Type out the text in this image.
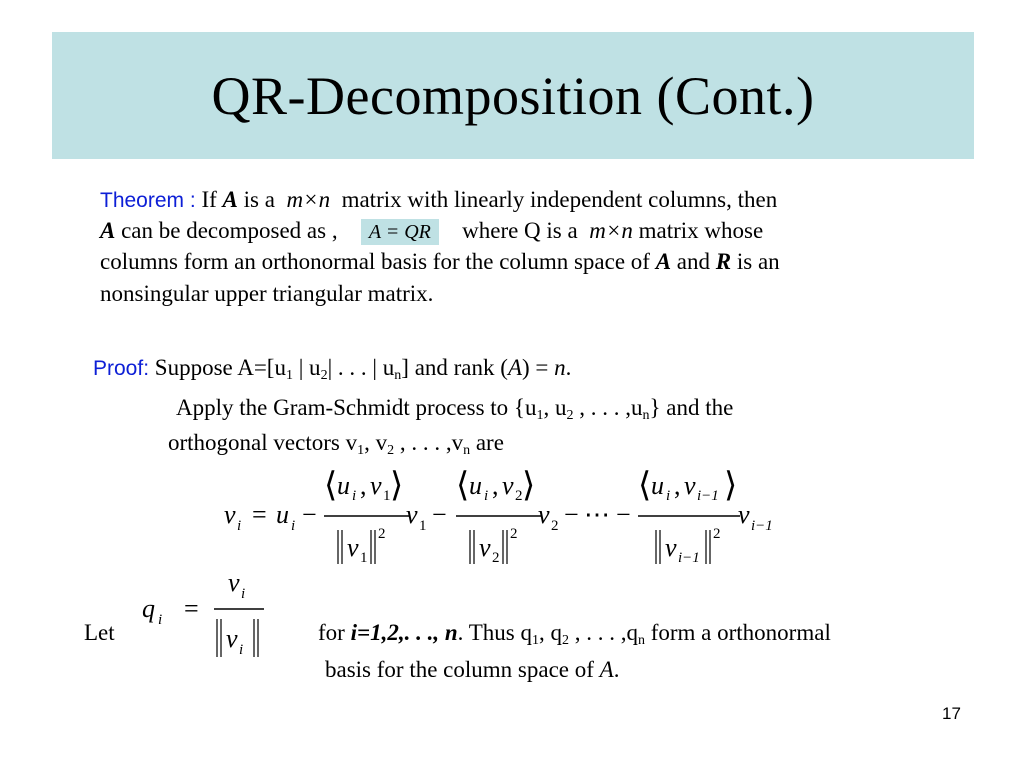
QR-Decomposition (Cont.)
Theorem : If A is a m×n matrix with linearly independent columns, then
A can be decomposed as , A = QR where Q is a m×n matrix whose
columns form an orthonormal basis for the column space of A and R is an
nonsingular upper triangular matrix.
Proof: Suppose $A=[u_1$ | $u_2|$ . . . | $u_n$] and rank (A) = n.
Apply the Gram-Schmidt process to {$u_1$, $u_2$ , . . . $,u_n$} and the
orthogonal vectors $v_1$, $v_2$ , . . . $,v_n$ are
v i = u i −
⟨ u i , v 1 ⟩
v 1
2
v 1 −
⟨ u i , v 2 ⟩
v 2
2
v 2 − ⋯ −
⟨ u i , v i−1 ⟩
v i−1
2
v i−1
Let
q i =
v i
v i
for i=1,2,. . ., n. Thus $q_1$, $q_2$ , . . . $,q_n$ form a orthonormal
basis for the column space of A.
17
